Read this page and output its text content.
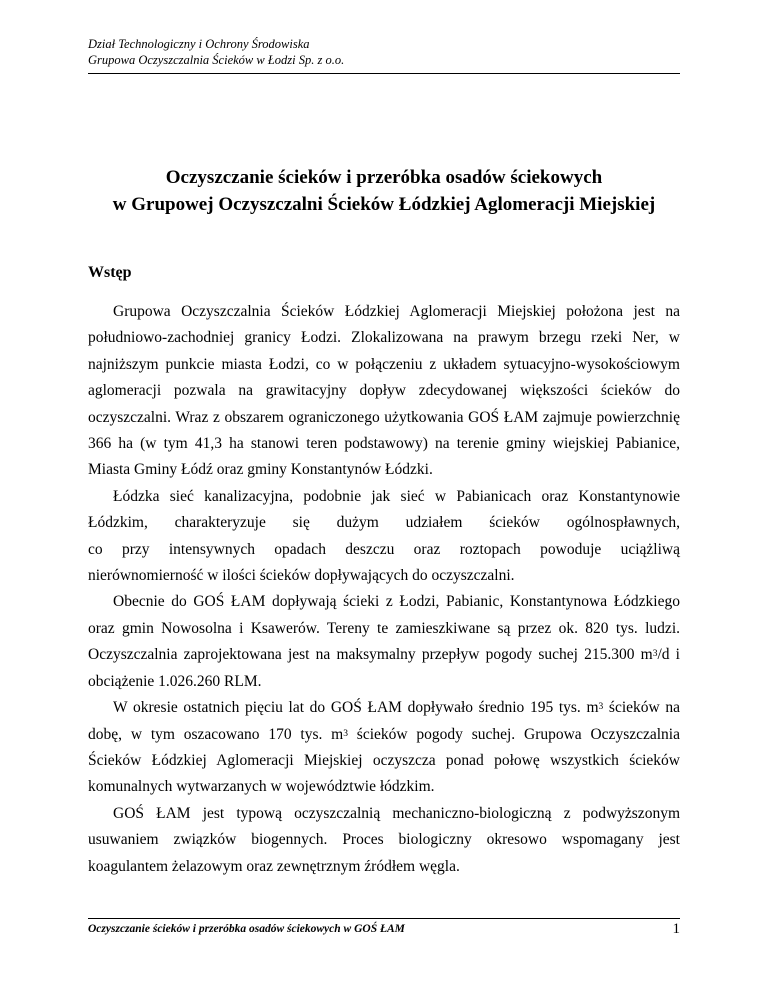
Dział Technologiczny i Ochrony Środowiska
Grupowa Oczyszczalnia Ścieków w Łodzi Sp. z o.o.
Oczyszczanie ścieków i przeróbka osadów ściekowych
w Grupowej Oczyszczalni Ścieków Łódzkiej Aglomeracji Miejskiej
Wstęp

Grupowa Oczyszczalnia Ścieków Łódzkiej Aglomeracji Miejskiej położona jest na południowo-zachodniej granicy Łodzi. Zlokalizowana na prawym brzegu rzeki Ner, w najniższym punkcie miasta Łodzi, co w połączeniu z układem sytuacyjno-wysokościowym aglomeracji pozwala na grawitacyjny dopływ zdecydowanej większości ścieków do oczyszczalni. Wraz z obszarem ograniczonego użytkowania GOŚ ŁAM zajmuje powierzchnię 366 ha (w tym 41,3 ha stanowi teren podstawowy) na terenie gminy wiejskiej Pabianice, Miasta Gminy Łódź oraz gminy Konstantynów Łódzki.

Łódzka sieć kanalizacyjna, podobnie jak sieć w Pabianicach oraz Konstantynowie Łódzkim, charakteryzuje się dużym udziałem ścieków ogólnospławnych,

co przy intensywnych opadach deszczu oraz roztopach powoduje uciążliwą

nierównomierność w ilości ścieków dopływających do oczyszczalni.

Obecnie do GOŚ ŁAM dopływają ścieki z Łodzi, Pabianic, Konstantynowa Łódzkiego oraz gmin Nowosolna i Ksawerów. Tereny te zamieszkiwane są przez ok. 820 tys. ludzi. Oczyszczalnia zaprojektowana jest na maksymalny przepływ pogody suchej 215.300 $m^3/d$ i obciążenie 1.026.260 RLM.

W okresie ostatnich pięciu lat do GOŚ ŁAM dopływało średnio 195 tys. $m^3$ ścieków na dobę, w tym oszacowano 170 tys. $m^3$ ścieków pogody suchej. Grupowa Oczyszczalnia Ścieków Łódzkiej Aglomeracji Miejskiej oczyszcza ponad połowę wszystkich ścieków komunalnych wytwarzanych w województwie łódzkim.

GOŚ ŁAM jest typową oczyszczalnią mechaniczno-biologiczną z podwyższonym usuwaniem związków biogennych. Proces biologiczny okresowo wspomagany jest koagulantem żelazowym oraz zewnętrznym źródłem węgla.

Oczyszczanie ścieków i przeróbka osadów ściekowych w GOŚ ŁAM	1
